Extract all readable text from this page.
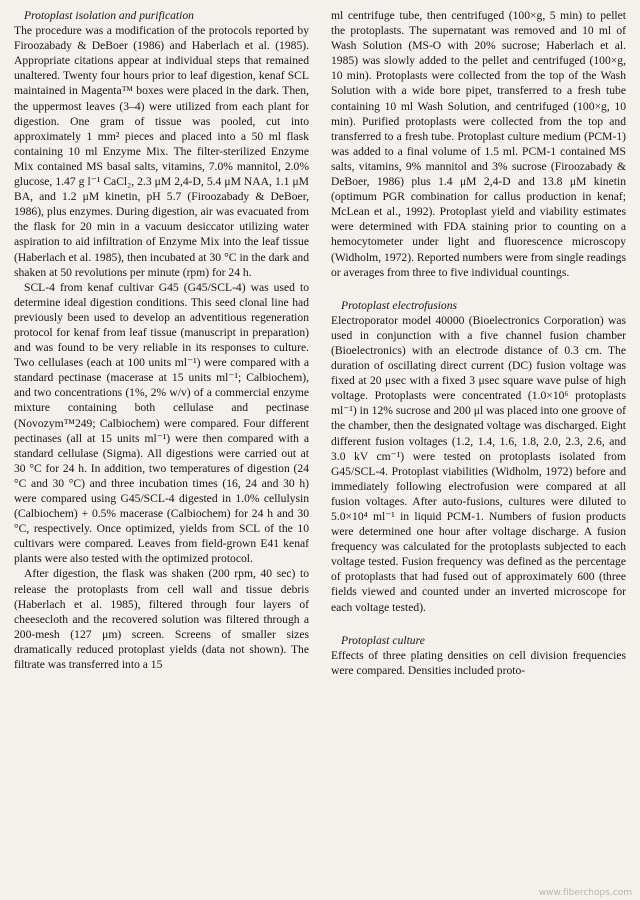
Protoplast isolation and purification

The procedure was a modification of the protocols reported by Firoozabady & DeBoer (1986) and Haberlach et al. (1985). Appropriate citations appear at individual steps that remained unaltered. Twenty four hours prior to leaf digestion, kenaf SCL maintained in Magenta™ boxes were placed in the dark. Then, the uppermost leaves (3–4) were utilized from each plant for digestion. One gram of tissue was pooled, cut into approximately 1 mm² pieces and placed into a 50 ml flask containing 10 ml Enzyme Mix. The filter-sterilized Enzyme Mix contained MS basal salts, vitamins, 7.0% mannitol, 2.0% glucose, 1.47 g l⁻¹ CaCl₂, 2.3 μM 2,4-D, 5.4 μM NAA, 1.1 μM BA, and 1.2 μM kinetin, pH 5.7 (Firoozabady & DeBoer, 1986), plus enzymes. During digestion, air was evacuated from the flask for 20 min in a vacuum desiccator utilizing water aspiration to aid infiltration of Enzyme Mix into the leaf tissue (Haberlach et al. 1985), then incubated at 30 °C in the dark and shaken at 50 revolutions per minute (rpm) for 24 h.

SCL-4 from kenaf cultivar G45 (G45/SCL-4) was used to determine ideal digestion conditions. This seed clonal line had previously been used to develop an adventitious regeneration protocol for kenaf from leaf tissue (manuscript in preparation) and was found to be very reliable in its responses to culture. Two cellulases (each at 100 units ml⁻¹) were compared with a standard pectinase (macerase at 15 units ml⁻¹; Calbiochem), and two concentrations (1%, 2% w/v) of a commercial enzyme mixture containing both cellulase and pectinase (Novozym™249; Calbiochem) were compared. Four different pectinases (all at 15 units ml⁻¹) were then compared with a standard cellulase (Sigma). All digestions were carried out at 30 °C for 24 h. In addition, two temperatures of digestion (24 °C and 30 °C) and three incubation times (16, 24 and 30 h) were compared using G45/SCL-4 digested in 1.0% cellulysin (Calbiochem) + 0.5% macerase (Calbiochem) for 24 h and 30 °C, respectively. Once optimized, yields from SCL of the 10 cultivars were compared. Leaves from field-grown E41 kenaf plants were also tested with the optimized protocol.

After digestion, the flask was shaken (200 rpm, 40 sec) to release the protoplasts from cell wall and tissue debris (Haberlach et al. 1985), filtered through four layers of cheesecloth and the recovered solution was filtered through a 200-mesh (127 μm) screen. Screens of smaller sizes dramatically reduced protoplast yields (data not shown). The filtrate was transferred into a 15

ml centrifuge tube, then centrifuged (100×g, 5 min) to pellet the protoplasts. The supernatant was removed and 10 ml of Wash Solution (MS-O with 20% sucrose; Haberlach et al. 1985) was slowly added to the pellet and centrifuged (100×g, 10 min). Protoplasts were collected from the top of the Wash Solution with a wide bore pipet, transferred to a fresh tube containing 10 ml Wash Solution, and centrifuged (100×g, 10 min). Purified protoplasts were collected from the top and transferred to a fresh tube. Protoplast culture medium (PCM-1) was added to a final volume of 1.5 ml. PCM-1 contained MS salts, vitamins, 9% mannitol and 3% sucrose (Firoozabady & DeBoer, 1986) plus 1.4 μM 2,4-D and 13.8 μM kinetin (optimum PGR combination for callus production in kenaf; McLean et al., 1992). Protoplast yield and viability estimates were determined with FDA staining prior to counting on a hemocytometer under light and fluorescence microscopy (Widholm, 1972). Reported numbers were from single readings or averages from three to five individual countings.

Protoplast electrofusions

Electroporator model 40000 (Bioelectronics Corporation) was used in conjunction with a five channel fusion chamber (Bioelectronics) with an electrode distance of 0.3 cm. The duration of oscillating direct current (DC) fusion voltage was fixed at 20 μsec with a fixed 3 μsec square wave pulse of high voltage. Protoplasts were concentrated (1.0×10⁶ protoplasts ml⁻¹) in 12% sucrose and 200 μl was placed into one groove of the chamber, then the designated voltage was discharged. Eight different fusion voltages (1.2, 1.4, 1.6, 1.8, 2.0, 2.3, 2.6, and 3.0 kV cm⁻¹) were tested on protoplasts isolated from G45/SCL-4. Protoplast viabilities (Widholm, 1972) before and immediately following electrofusion were compared at all fusion voltages. After auto-fusions, cultures were diluted to 5.0×10⁴ ml⁻¹ in liquid PCM-1. Numbers of fusion products were determined one hour after voltage discharge. A fusion frequency was calculated for the protoplasts subjected to each voltage tested. Fusion frequency was defined as the percentage of protoplasts that had fused out of approximately 600 (three fields viewed and counted under an inverted microscope for each voltage tested).

Protoplast culture

Effects of three plating densities on cell division frequencies were compared. Densities included proto-

www.fiberchops.com
